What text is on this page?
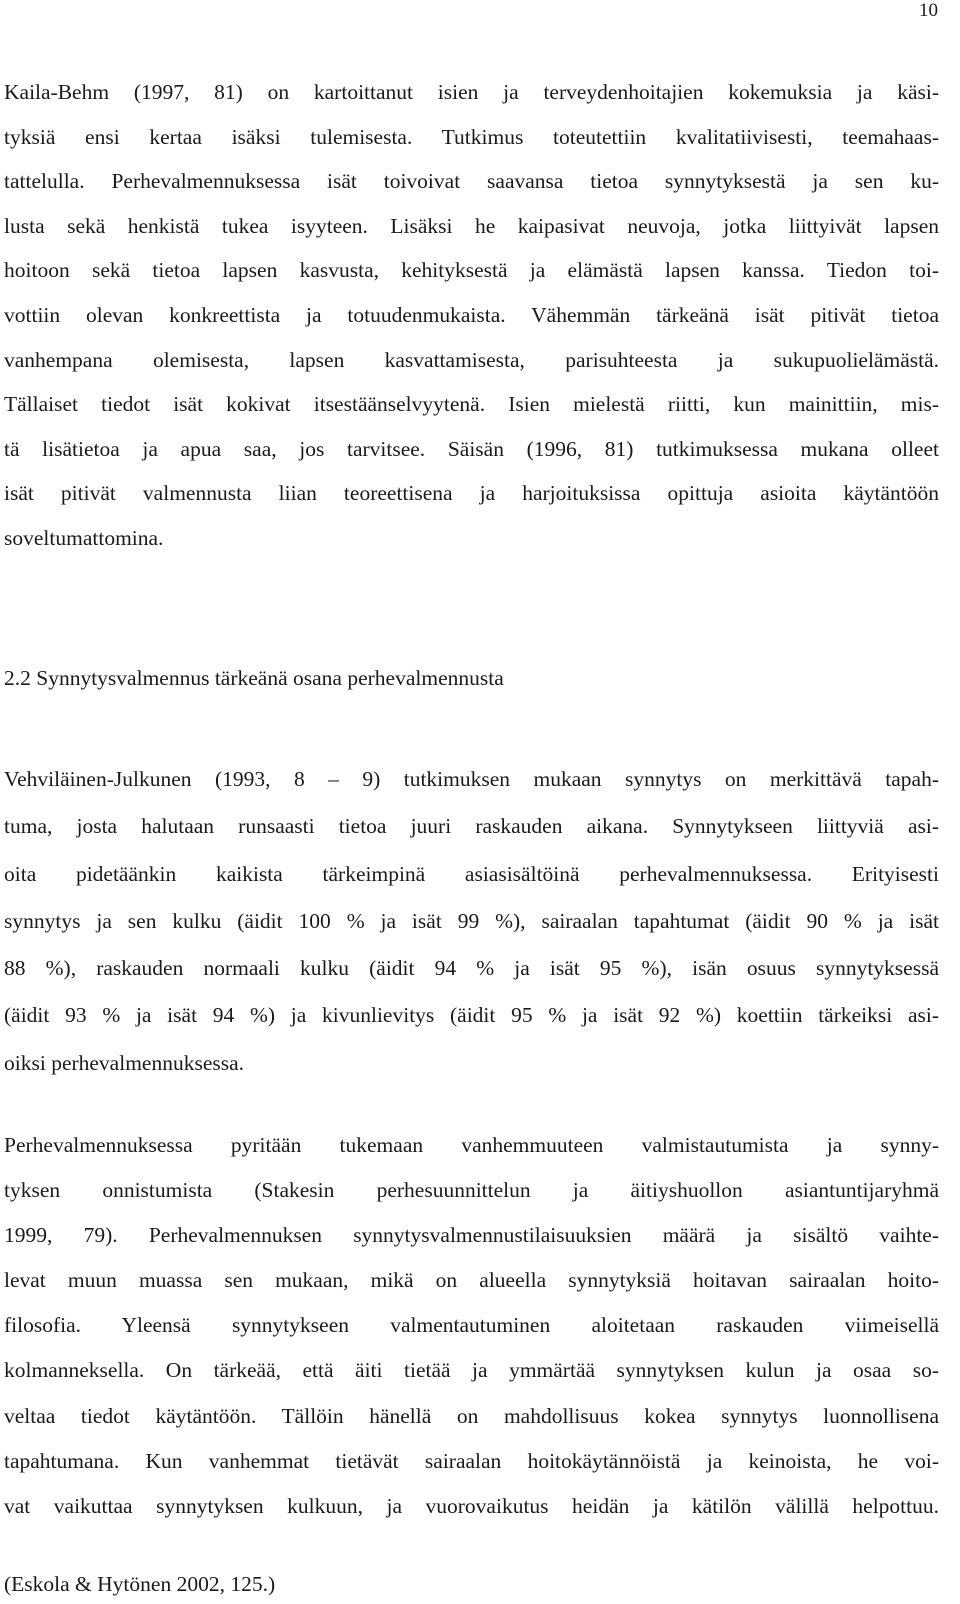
10

Kaila-Behm (1997, 81) on kartoittanut isien ja terveydenhoitajien kokemuksia ja käsi-
tyksiä ensi kertaa isäksi tulemisesta. Tutkimus toteutettiin kvalitatiivisesti, teemahaas-
tattelulla. Perhevalmennuksessa isät toivoivat saavansa tietoa synnytyksestä ja sen ku-
lusta sekä henkistä tukea isyyteen. Lisäksi he kaipasivat neuvoja, jotka liittyivät lapsen
hoitoon sekä tietoa lapsen kasvusta, kehityksestä ja elämästä lapsen kanssa. Tiedon toi-
vottiin olevan konkreettista ja totuudenmukaista. Vähemmän tärkeänä isät pitivät tietoa
vanhempana olemisesta, lapsen kasvattamisesta, parisuhteesta ja sukupuolielämästä.
Tällaiset tiedot isät kokivat itsestäänselvyytenä. Isien mielestä riitti, kun mainittiin, mis-
tä lisätietoa ja apua saa, jos tarvitsee. Säisän (1996, 81) tutkimuksessa mukana olleet
isät pitivät valmennusta liian teoreettisena ja harjoituksissa opittuja asioita käytäntöön
soveltumattomina.

2.2 Synnytysvalmennus tärkeänä osana perhevalmennusta

Vehviläinen-Julkunen (1993, 8 – 9) tutkimuksen mukaan synnytys on merkittävä tapah-
tuma, josta halutaan runsaasti tietoa juuri raskauden aikana. Synnytykseen liittyviä asi-
oita pidetäänkin kaikista tärkeimpinä asiasisältöinä perhevalmennuksessa. Erityisesti
synnytys ja sen kulku (äidit 100 % ja isät 99 %), sairaalan tapahtumat (äidit 90 % ja isät
88 %), raskauden normaali kulku (äidit 94 % ja isät 95 %), isän osuus synnytyksessä
(äidit 93 % ja isät 94 %) ja kivunlievitys (äidit 95 % ja isät 92 %) koettiin tärkeiksi asi-
oiksi perhevalmennuksessa.

Perhevalmennuksessa pyritään tukemaan vanhemmuuteen valmistautumista ja synny-
tyksen onnistumista (Stakesin perhesuunnittelun ja äitiyshuollon asiantuntijaryhmä
1999, 79). Perhevalmennuksen synnytysvalmennustilaisuuksien määrä ja sisältö vaihte-
levat muun muassa sen mukaan, mikä on alueella synnytyksiä hoitavan sairaalan hoito-
filosofia. Yleensä synnytykseen valmentautuminen aloitetaan raskauden viimeisellä
kolmanneksella. On tärkeää, että äiti tietää ja ymmärtää synnytyksen kulun ja osaa so-
veltaa tiedot käytäntöön. Tällöin hänellä on mahdollisuus kokea synnytys luonnollisena
tapahtumana. Kun vanhemmat tietävät sairaalan hoitokäytännöistä ja keinoista, he voi-
vat vaikuttaa synnytyksen kulkuun, ja vuorovaikutus heidän ja kätilön välillä helpottuu.

(Eskola & Hytönen 2002, 125.)
